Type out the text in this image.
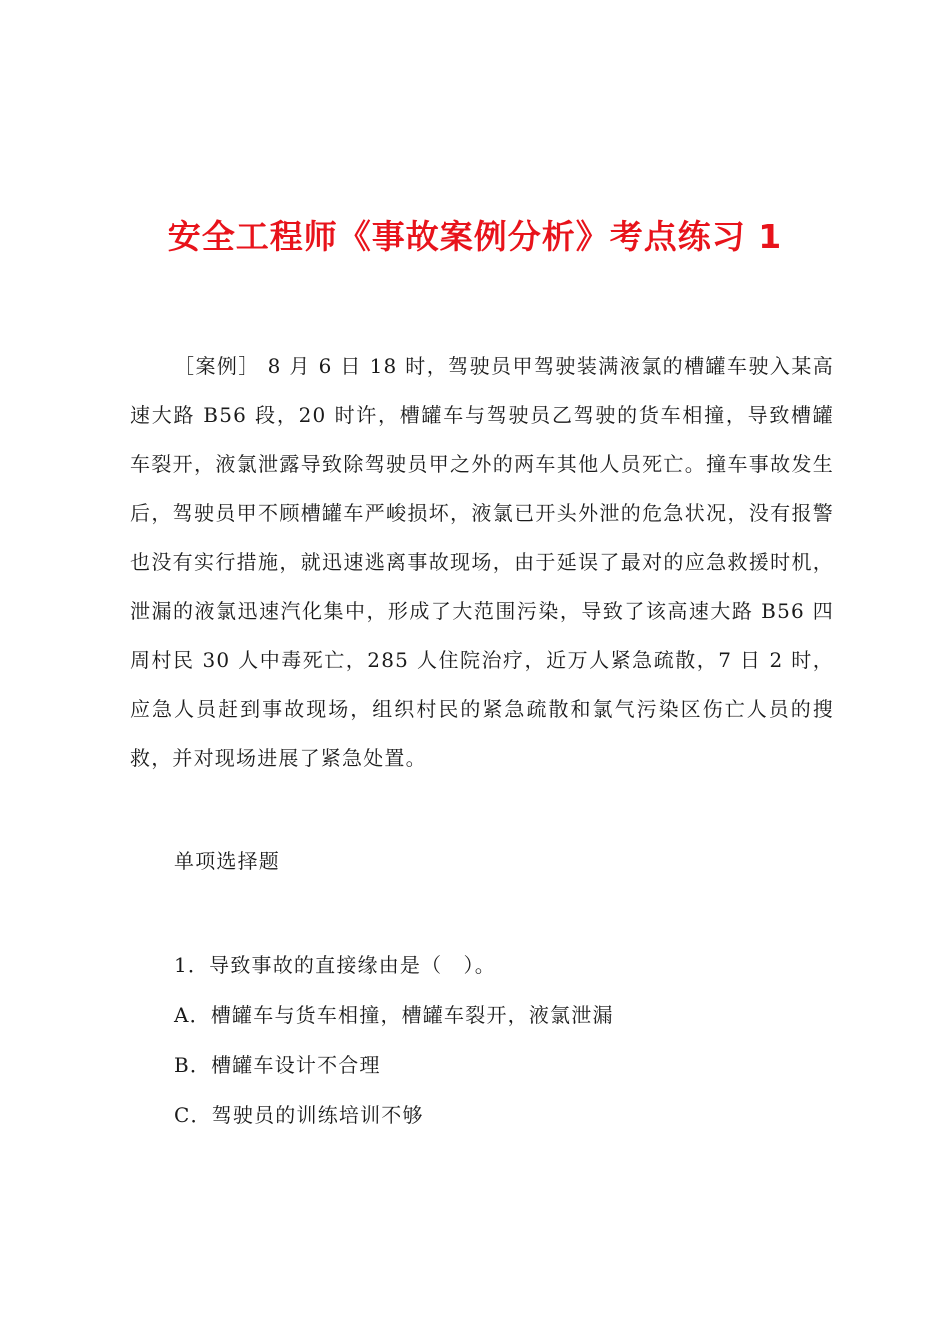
安全工程师《事故案例分析》考点练习 1

［案例］ 8 月 6 日 18 时，驾驶员甲驾驶装满液氯的槽罐车驶入某高速大路 B56 段，20 时许，槽罐车与驾驶员乙驾驶的货车相撞，导致槽罐车裂开，液氯泄露导致除驾驶员甲之外的两车其他人员死亡。撞车事故发生后，驾驶员甲不顾槽罐车严峻损坏，液氯已开头外泄的危急状况，没有报警也没有实行措施，就迅速逃离事故现场，由于延误了最对的应急救援时机，泄漏的液氯迅速汽化集中，形成了大范围污染，导致了该高速大路 B56 四周村民 30 人中毒死亡，285 人住院治疗，近万人紧急疏散，7 日 2 时，应急人员赶到事故现场，组织村民的紧急疏散和氯气污染区伤亡人员的搜救，并对现场进展了紧急处置。

单项选择题

1．导致事故的直接缘由是（　）。
A．槽罐车与货车相撞，槽罐车裂开，液氯泄漏
B．槽罐车设计不合理
C．驾驶员的训练培训不够
